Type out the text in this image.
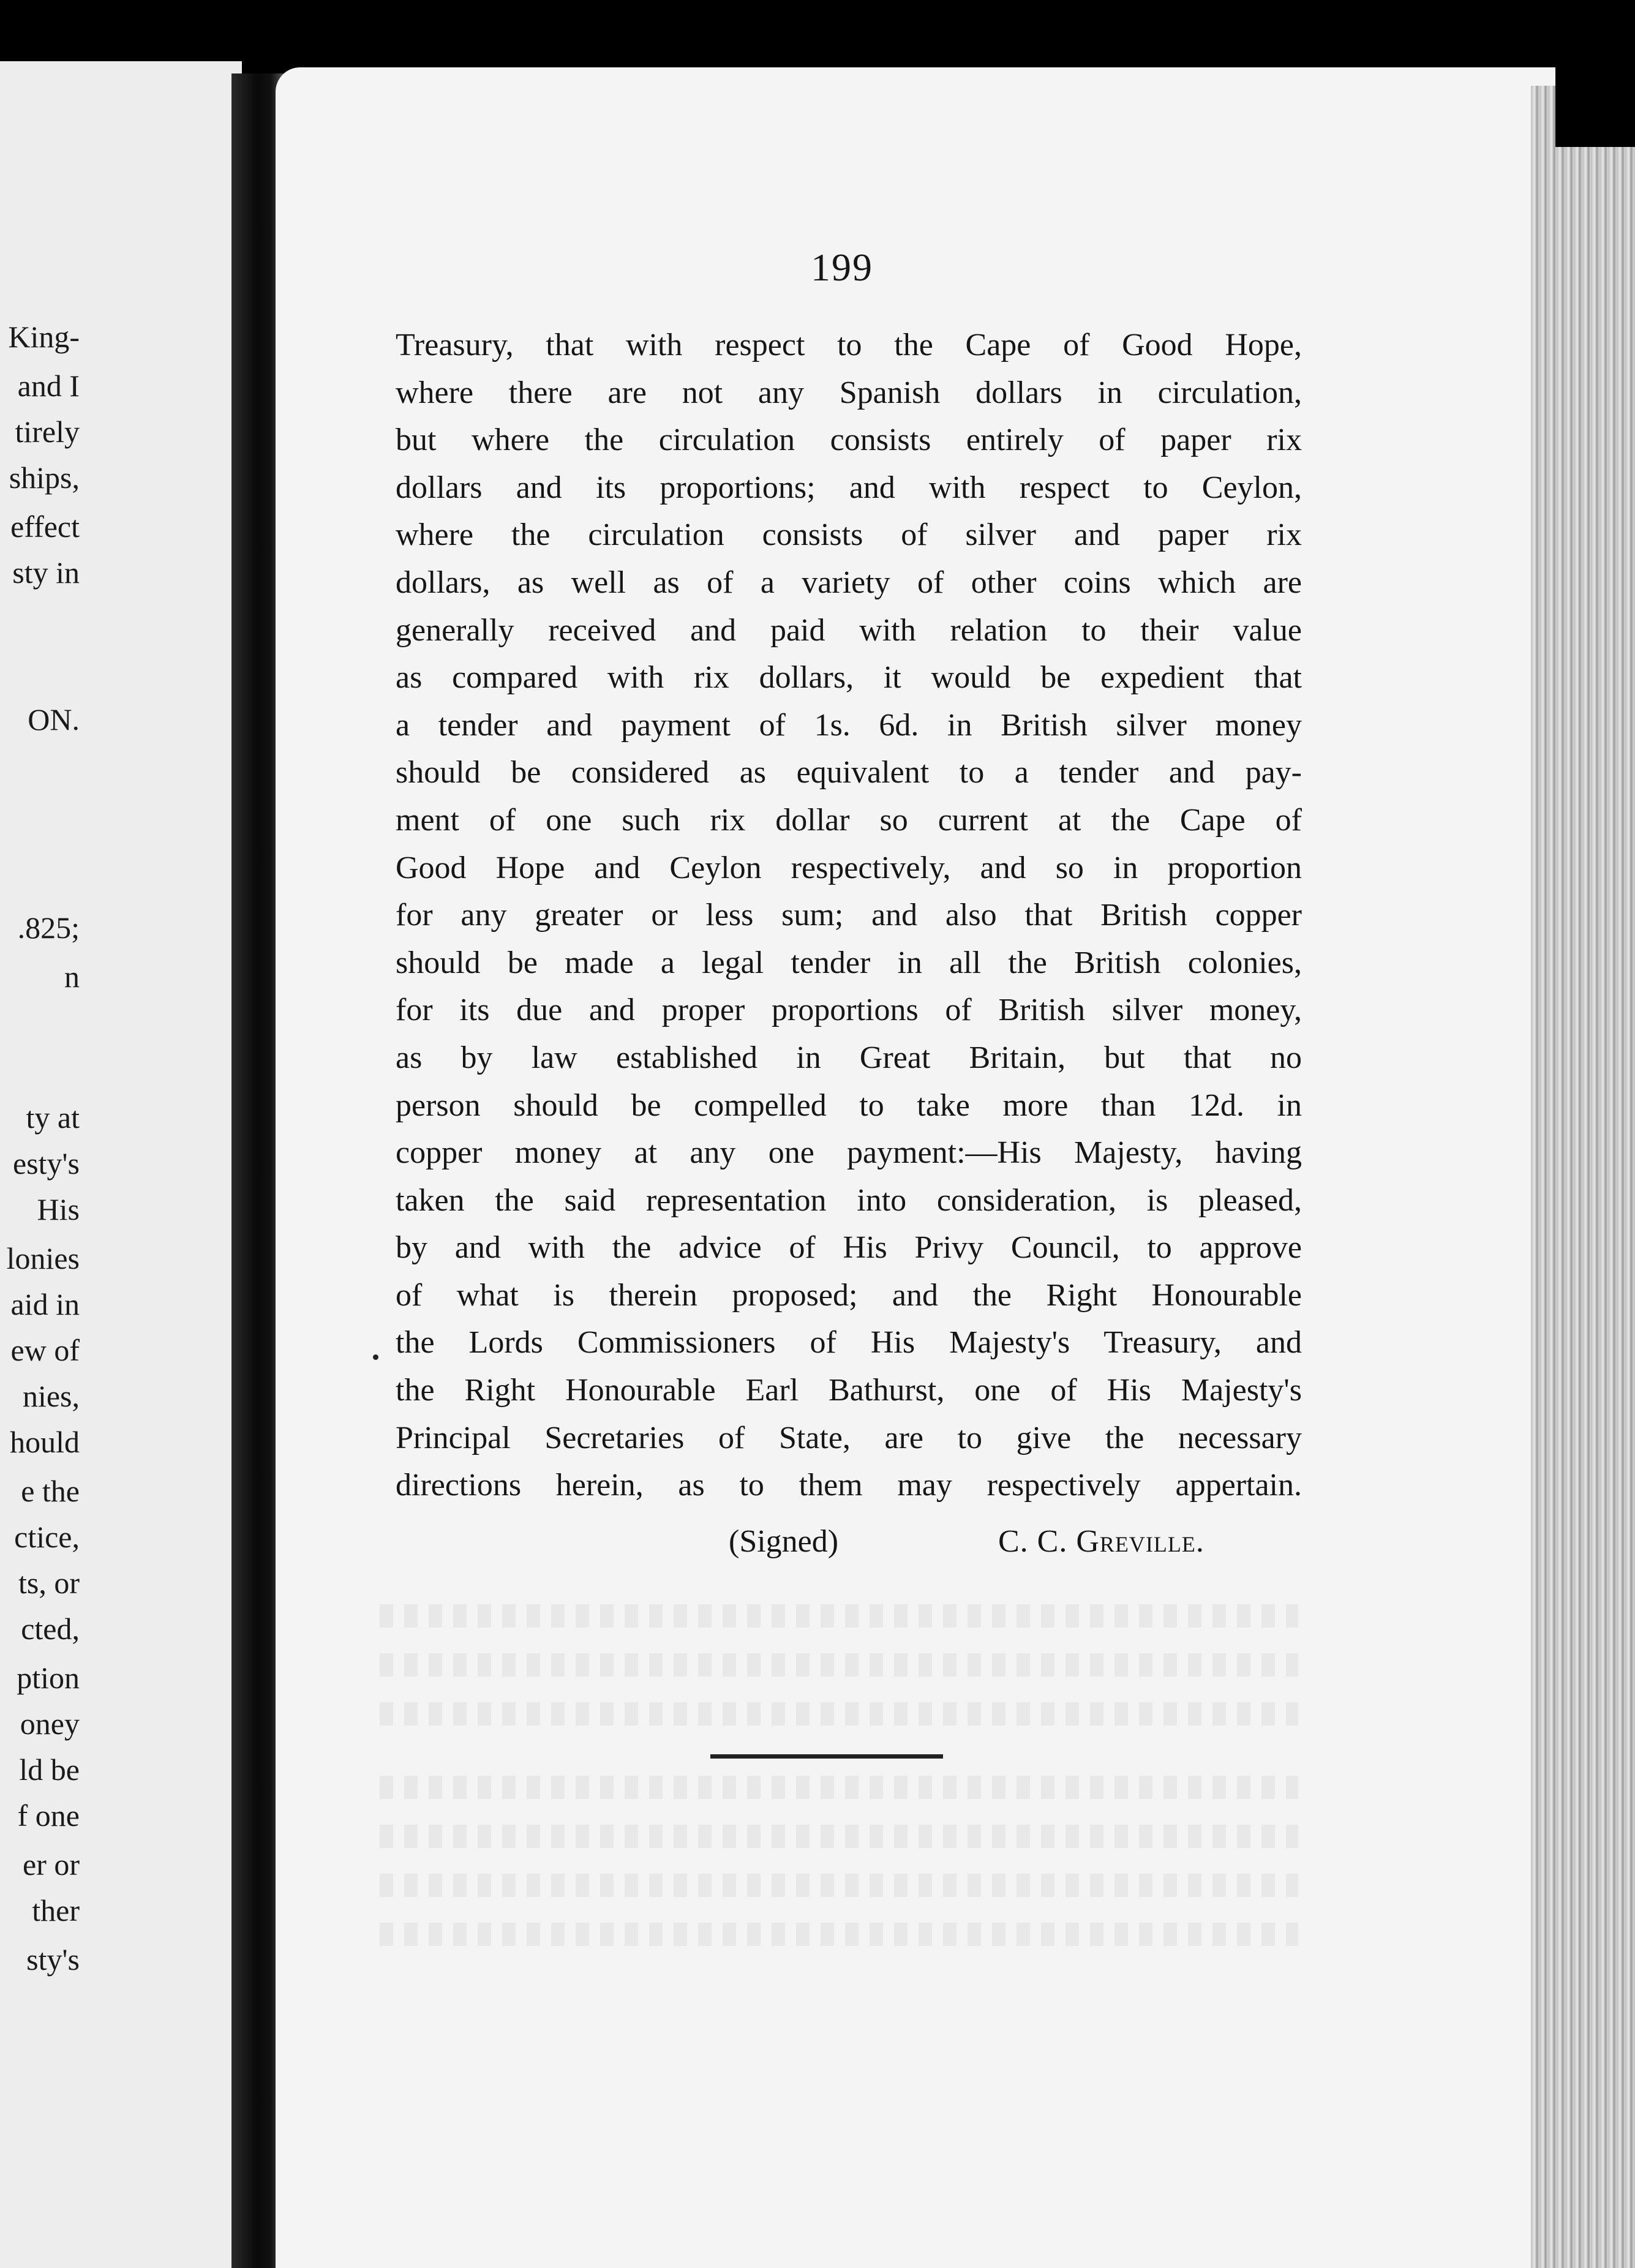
King-
and I
tirely
ships,
effect
sty in
ON.
.825;
n
ty at
esty's
His
lonies
aid in
ew of
nies,
hould
e the
ctice,
ts, or
cted,
ption
oney
ld be
f one
er or
ther
sty's
199
Treasury, that with respect to the Cape of Good Hope,
where there are not any Spanish dollars in circulation,
but where the circulation consists entirely of paper rix
dollars and its proportions; and with respect to Ceylon,
where the circulation consists of silver and paper rix
dollars, as well as of a variety of other coins which are
generally received and paid with relation to their value
as compared with rix dollars, it would be expedient that
a tender and payment of 1s. 6d. in British silver money
should be considered as equivalent to a tender and pay-
ment of one such rix dollar so current at the Cape of
Good Hope and Ceylon respectively, and so in proportion
for any greater or less sum; and also that British copper
should be made a legal tender in all the British colonies,
for its due and proper proportions of British silver money,
as by law established in Great Britain, but that no
person should be compelled to take more than 12d. in
copper money at any one payment:—His Majesty, having
taken the said representation into consideration, is pleased,
by and with the advice of His Privy Council, to approve
of what is therein proposed; and the Right Honourable
the Lords Commissioners of His Majesty's Treasury, and
the Right Honourable Earl Bathurst, one of His Majesty's
Principal Secretaries of State, are to give the necessary
directions herein, as to them may respectively appertain.
(Signed)	C. C. Greville.
